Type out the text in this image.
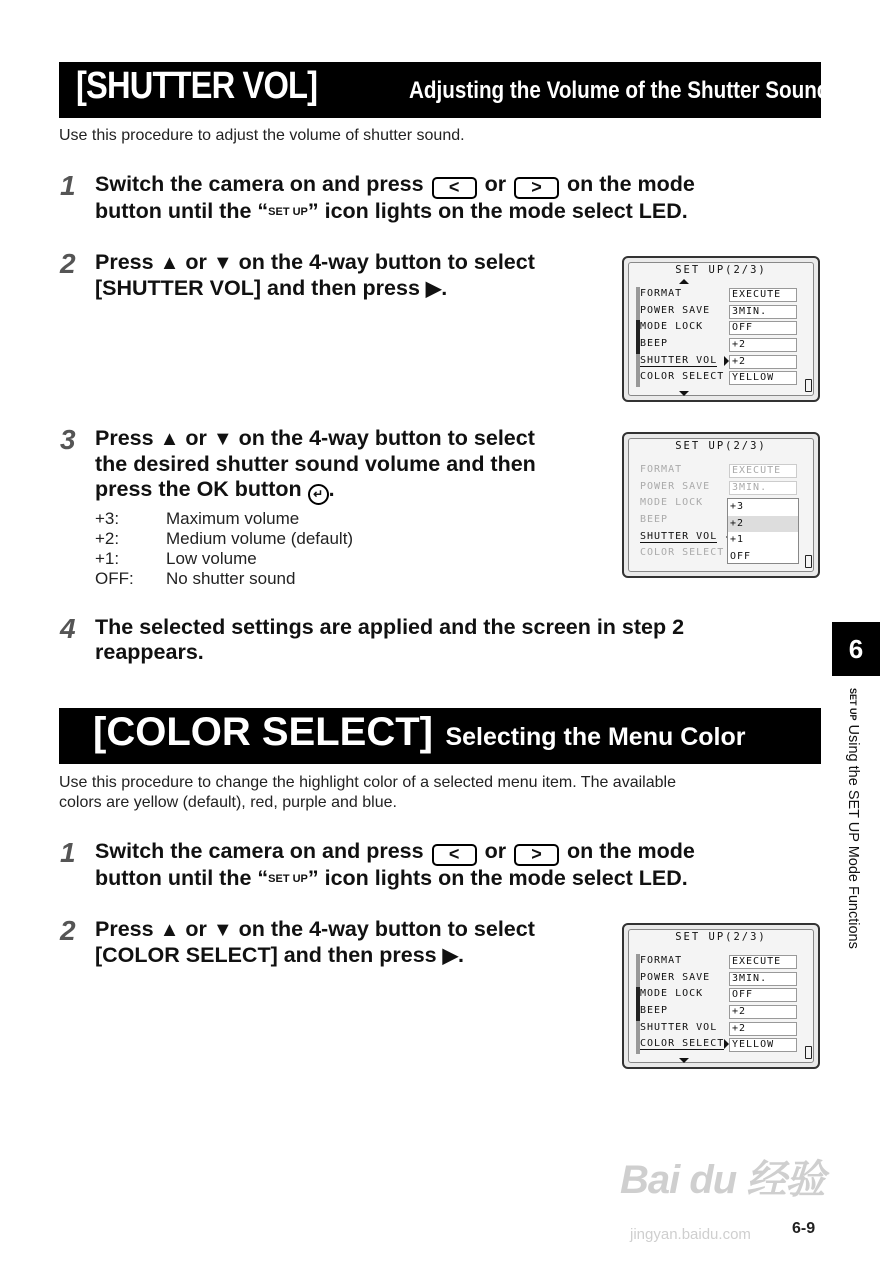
[SHUTTER VOL]	Adjusting the Volume of the Shutter Sound
Use this procedure to adjust the volume of shutter sound.
1 Switch the camera on and press < or > on the mode
button until the “SET UP” icon lights on the mode select LED.
2 Press ▲ or ▼ on the 4-way button to select
[SHUTTER VOL] and then press ▶.
SET UP(2/3)
FORMAT	EXECUTE
POWER SAVE	3MIN.
MODE LOCK	OFF
BEEP	+2
SHUTTER VOL	+2
COLOR SELECT YELLOW
3 Press ▲ or ▼ on the 4-way button to select
the desired shutter sound volume and then
press the OK button ↵ .
+3:	Maximum volume
+2:	Medium volume (default)
+1:	Low volume
OFF:	No shutter sound
SET UP(2/3)
FORMAT	EXECUTE
POWER SAVE	3MIN.
MODE LOCK
BEEP
SHUTTER VOL
COLOR SELECT
+3
+2
+1
OFF
4 The selected settings are applied and the screen in step 2
reappears.
[COLOR SELECT] Selecting the Menu Color
Use this procedure to change the highlight color of a selected menu item. The available
colors are yellow (default), red, purple and blue.
1 Switch the camera on and press < or > on the mode
button until the “SET UP” icon lights on the mode select LED.
2 Press ▲ or ▼ on the 4-way button to select
[COLOR SELECT] and then press ▶.
SET UP(2/3)
FORMAT	EXECUTE
POWER SAVE	3MIN.
MODE LOCK	OFF
BEEP	+2
SHUTTER VOL	+2
COLOR SELECT YELLOW
6
SET UP Using the SET UP Mode Functions
Bai du 经验
jingyan.baidu.com	6-9
